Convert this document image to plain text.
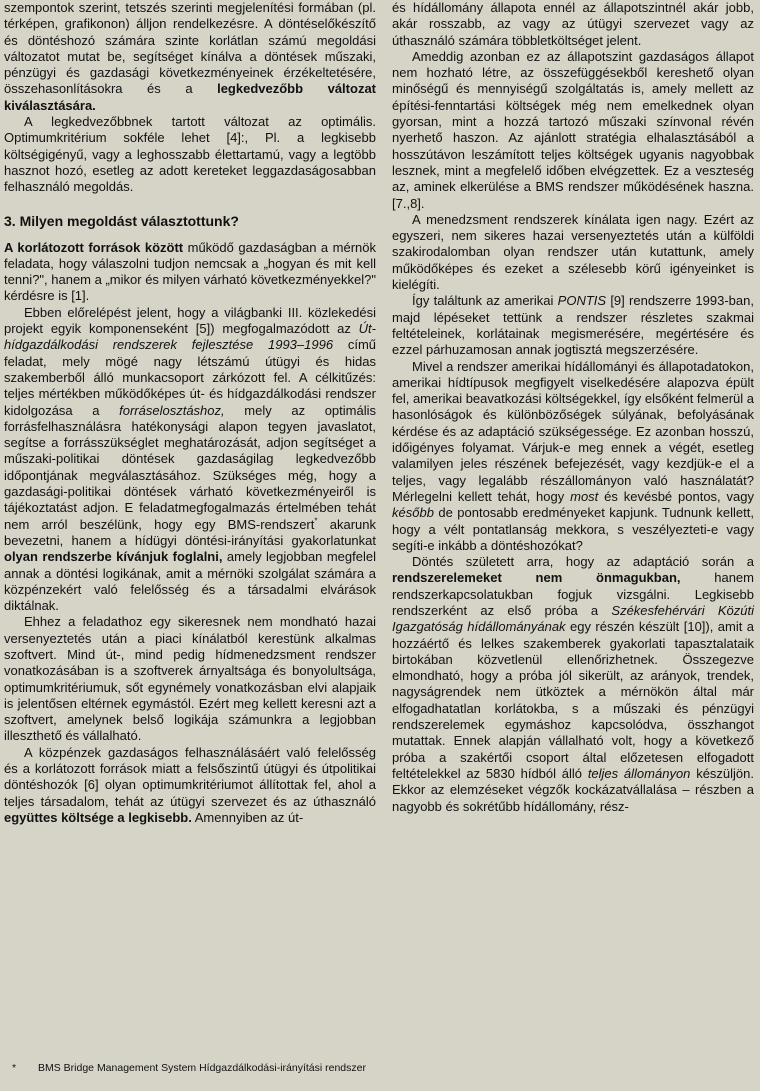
szempontok szerint, tetszés szerinti megjelenítési formában (pl. térképen, grafikonon) álljon rendelkezésre. A döntéselőkészítő és döntéshozó számára szinte korlátlan számú megoldási változatot mutat be, segítséget kínálva a döntések műszaki, pénzügyi és gazdasági következményeinek érzékeltetésére, összehasonlításokra és a legkedvezőbb változat kiválasztására.

A legkedvezőbbnek tartott változat az optimális. Optimumkritérium sokféle lehet [4]:, Pl. a legkisebb költségigényű, vagy a leghosszabb élettartamú, vagy a legtöbb hasznot hozó, esetleg az adott kereteket leggazdaságosabban felhasználó megoldás.

3. Milyen megoldást választottunk?

A korlátozott források között működő gazdaságban a mérnök feladata, hogy válaszolni tudjon nemcsak a „hogyan és mit kell tenni?", hanem a „mikor és milyen várható következményekkel?" kérdésre is [1].

Ebben előrelépést jelent, hogy a világbanki III. közlekedési projekt egyik komponenseként [5]) megfogalmazódott az Út-hídgazdálkodási rendszerek fejlesztése 1993–1996 című feladat, mely mögé nagy létszámú útügyi és hidas szakemberből álló munkacsoport zárkózott fel. A célkitűzés: teljes mértékben működőképes út- és hídgazdálkodási rendszer kidolgozása a forráselosztáshoz, mely az optimális forrásfelhasználásra hatékonysági alapon tegyen javaslatot, segítse a forrásszükséglet meghatározását, adjon segítséget a műszaki-politikai döntések gazdaságilag legkedvezőbb időpontjának megválasztásához. Szükséges még, hogy a gazdasági-politikai döntések várható következményeiről is tájékoztatást adjon. E feladatmegfogalmazás értelmében tehát nem arról beszélünk, hogy egy BMS-rendszert* akarunk bevezetni, hanem a hídügyi döntési-irányítási gyakorlatunkat olyan rendszerbe kívánjuk foglalni, amely legjobban megfelel annak a döntési logikának, amit a mérnöki szolgálat számára a közpénzekért való felelősség és a társadalmi elvárások diktálnak.

Ehhez a feladathoz egy sikeresnek nem mondható hazai versenyeztetés után a piaci kínálatból kerestünk alkalmas szoftvert. Mind út-, mind pedig hídmenedzsment rendszer vonatkozásában is a szoftverek árnyaltsága és bonyolultsága, optimumkritériumuk, sőt egynémely vonatkozásban elvi alapjaik is jelentősen eltérnek egymástól. Ezért meg kellett keresni azt a szoftvert, amelynek belső logikája számunkra a legjobban illeszthető és vállalható.

A közpénzek gazdaságos felhasználásáért való felelősség és a korlátozott források miatt a felsőszintű útügyi és útpolitikai döntéshozók [6] olyan optimumkritériumot állítottak fel, ahol a teljes társadalom, tehát az útügyi szervezet és az úthasználó együttes költsége a legkisebb. Amennyiben az út-

és hídállomány állapota ennél az állapotszintnél akár jobb, akár rosszabb, az vagy az útügyi szervezet vagy az úthasználó számára többletköltséget jelent.

Ameddig azonban ez az állapotszint gazdaságos állapot nem hozható létre, az összefüggésekből kereshető olyan minőségű és mennyiségű szolgáltatás is, amely mellett az építési-fenntartási költségek még nem emelkednek olyan gyorsan, mint a hozzá tartozó műszaki színvonal révén nyerhető haszon. Az ajánlott stratégia elhalasztásából a hosszútávon leszámított teljes költségek ugyanis nagyobbak lesznek, mint a megfelelő időben elvégzettek. Ez a veszteség az, aminek elkerülése a BMS rendszer működésének haszna. [7.,8].

A menedzsment rendszerek kínálata igen nagy. Ezért az egyszeri, nem sikeres hazai versenyeztetés után a külföldi szakirodalomban olyan rendszer után kutattunk, amely működőképes és ezeket a szélesebb körű igényeinket is kielégíti.

Így találtunk az amerikai PONTIS [9] rendszerre 1993-ban, majd lépéseket tettünk a rendszer részletes szakmai feltételeinek, korlátainak megismerésére, megértésére és ezzel párhuzamosan annak jogtisztá megszerzésére.

Mivel a rendszer amerikai hídállományi és állapotadatokon, amerikai hídtípusok megfigyelt viselkedésére alapozva épült fel, amerikai beavatkozási költségekkel, így elsőként felmerül a hasonlóságok és különbözőségek súlyának, befolyásának kérdése és az adaptáció szükségessége. Ez azonban hosszú, időigényes folyamat. Várjuk-e meg ennek a végét, esetleg valamilyen jeles részének befejezését, vagy kezdjük-e el a teljes, vagy legalább részállományon való használatát? Mérlegelni kellett tehát, hogy most és kevésbé pontos, vagy később de pontosabb eredményeket kapjunk. Tudnunk kellett, hogy a vélt pontatlanság mekkora, s veszélyezteti-e vagy segíti-e inkább a döntéshozókat?

Döntés született arra, hogy az adaptáció során a rendszerelemeket nem önmagukban, hanem rendszerkapcsolatukban fogjuk vizsgálni. Legkisebb rendszerként az első próba a Székesfehérvári Közúti Igazgatóság hídállományának egy részén készült [10]), amit a hozzáértő és lelkes szakemberek gyakorlati tapasztalataik birtokában közvetlenül ellenőrizhetnek. Összegezve elmondható, hogy a próba jól sikerült, az arányok, trendek, nagyságrendek nem ütköztek a mérnökön által már elfogadhatatlan korlátokba, s a műszaki és pénzügyi rendszerelemek egymáshoz kapcsolódva, összhangot mutattak. Ennek alapján vállalható volt, hogy a következő próba a szakértői csoport által előzetesen elfogadott feltételekkel az 5830 hídból álló teljes állományon készüljön. Ekkor az elemzéseket végzők kockázatvállalása – részben a nagyobb és sokrétűbb hídállomány, rész-

* BMS Bridge Management System Hídgazdálkodási-irányítási rendszer
